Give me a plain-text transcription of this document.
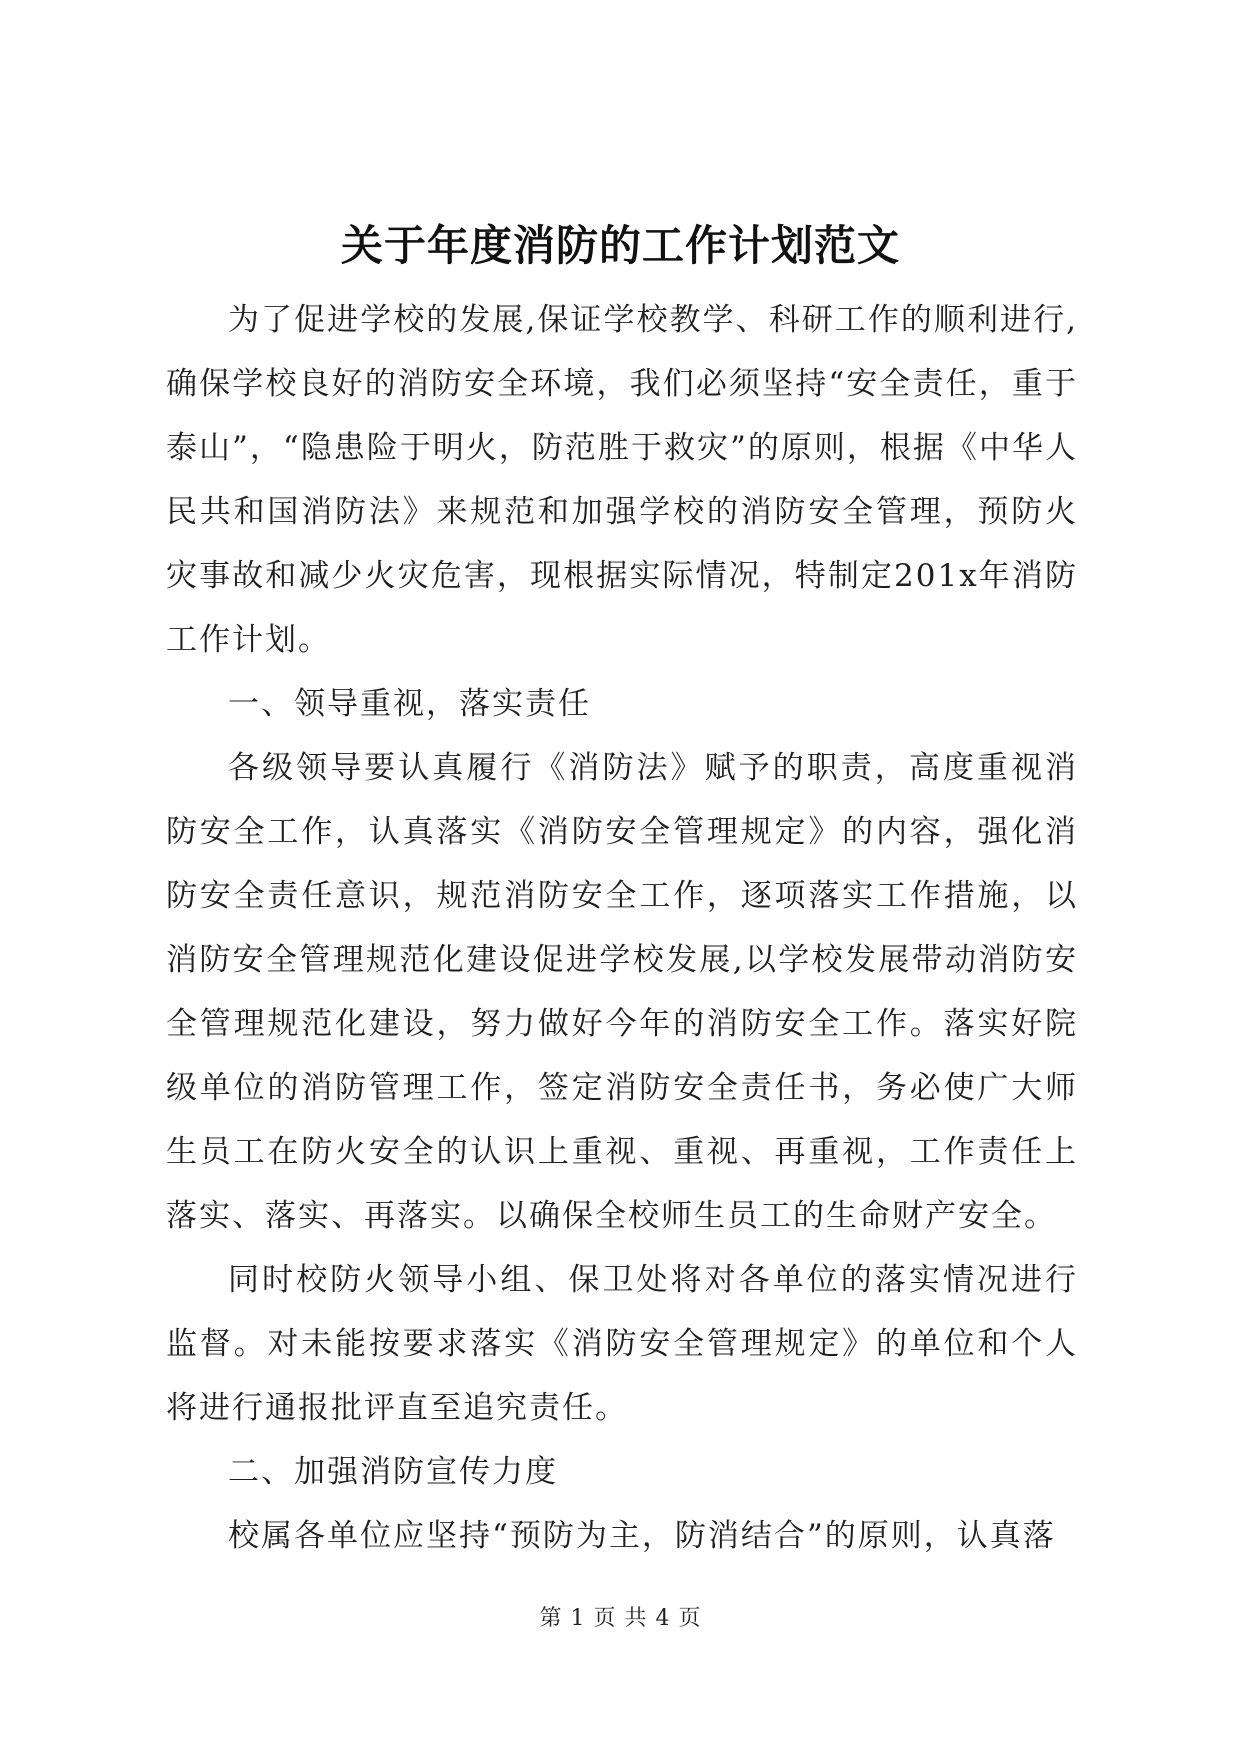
关于年度消防的工作计划范文

为了促进学校的发展,保证学校教学、科研工作的顺利进行,确保学校良好的消防安全环境，我们必须坚持“安全责任，重于泰山”，“隐患险于明火，防范胜于救灾”的原则，根据《中华人民共和国消防法》来规范和加强学校的消防安全管理，预防火灾事故和减少火灾危害，现根据实际情况，特制定201x年消防工作计划。

一、领导重视，落实责任

各级领导要认真履行《消防法》赋予的职责，高度重视消防安全工作，认真落实《消防安全管理规定》的内容，强化消防安全责任意识，规范消防安全工作，逐项落实工作措施，以消防安全管理规范化建设促进学校发展,以学校发展带动消防安全管理规范化建设，努力做好今年的消防安全工作。落实好院级单位的消防管理工作，签定消防安全责任书，务必使广大师生员工在防火安全的认识上重视、重视、再重视，工作责任上落实、落实、再落实。以确保全校师生员工的生命财产安全。

同时校防火领导小组、保卫处将对各单位的落实情况进行监督。对未能按要求落实《消防安全管理规定》的单位和个人将进行通报批评直至追究责任。

二、加强消防宣传力度

校属各单位应坚持“预防为主，防消结合”的原则，认真落

第 1 页 共 4 页
